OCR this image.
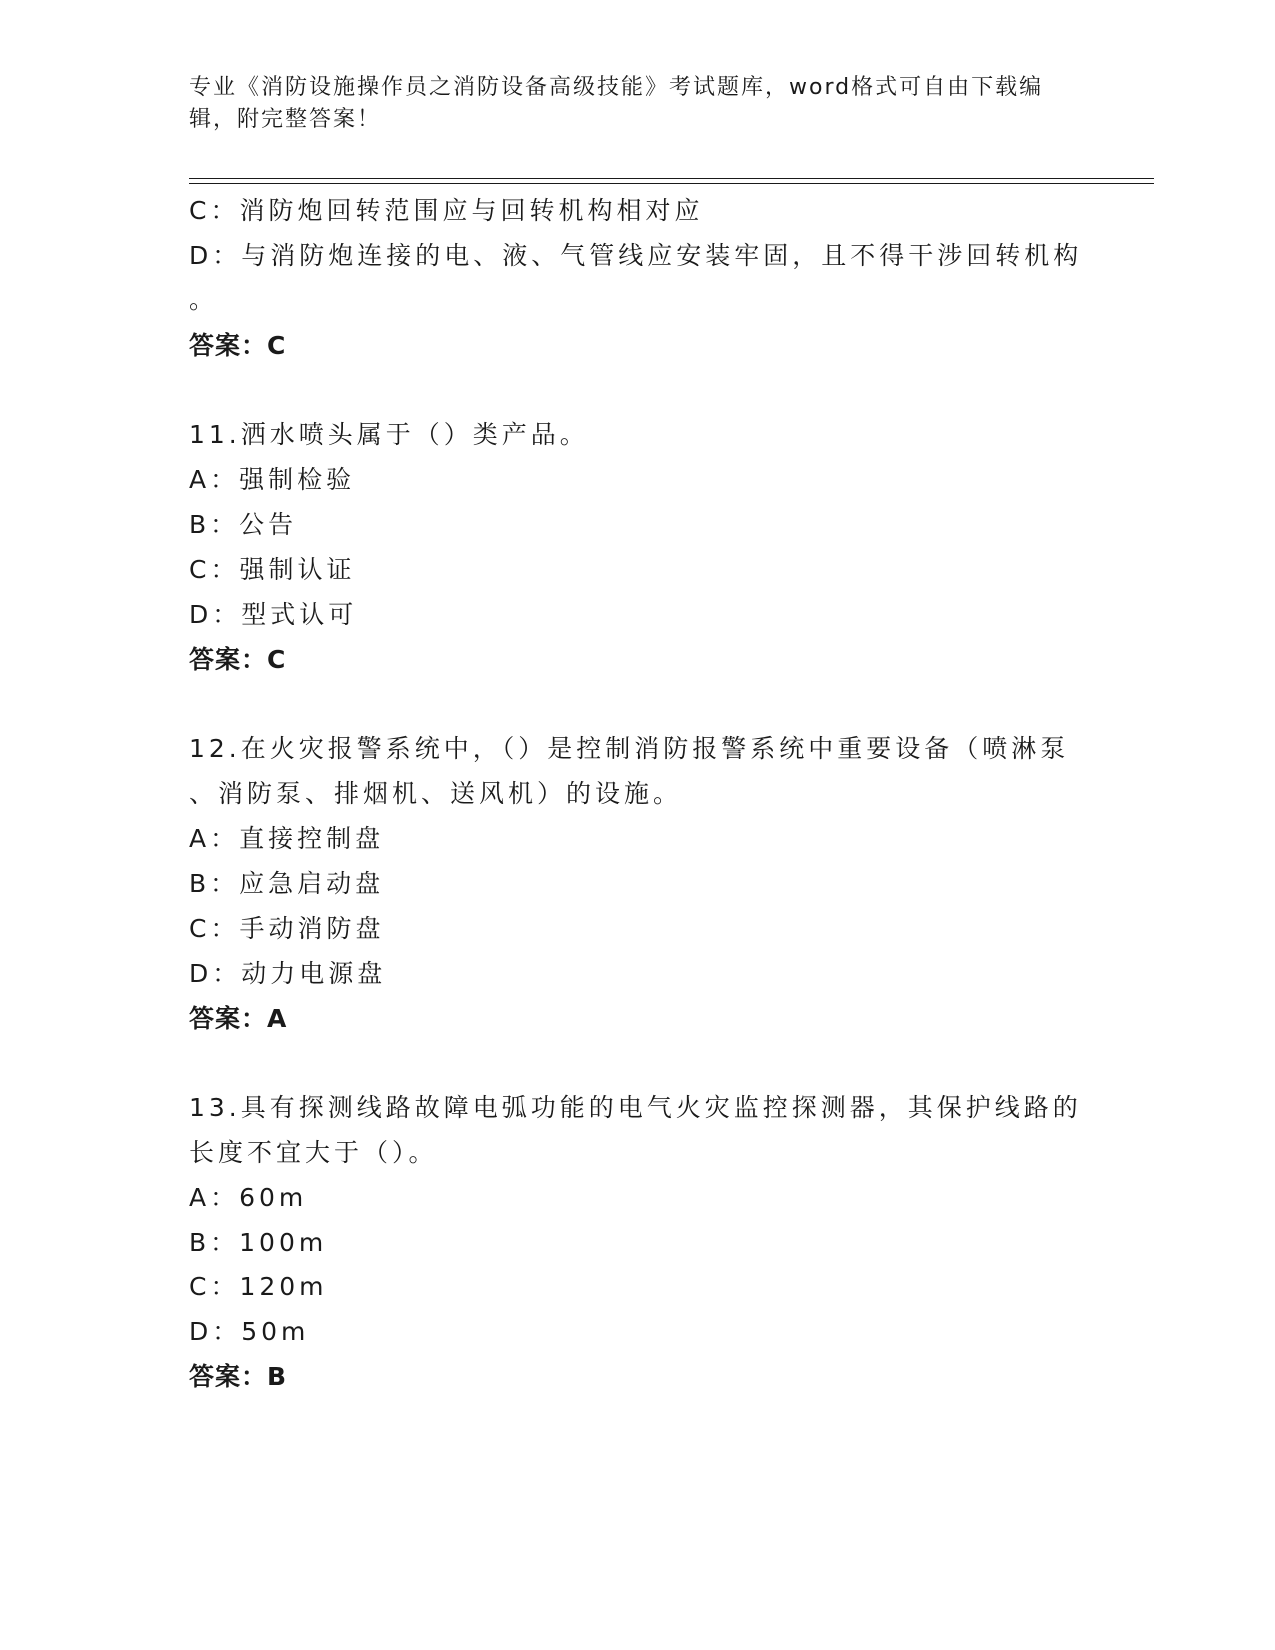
专业《消防设施操作员之消防设备高级技能》考试题库，word格式可自由下载编
辑，附完整答案！
C：消防炮回转范围应与回转机构相对应
D：与消防炮连接的电、液、气管线应安装牢固，且不得干涉回转机构
。
答案：C
11.洒水喷头属于（）类产品。
A：强制检验
B：公告
C：强制认证
D：型式认可
答案：C
12.在火灾报警系统中，（）是控制消防报警系统中重要设备（喷淋泵
、消防泵、排烟机、送风机）的设施。
A：直接控制盘
B：应急启动盘
C：手动消防盘
D：动力电源盘
答案：A
13.具有探测线路故障电弧功能的电气火灾监控探测器，其保护线路的
长度不宜大于（）。
A：60m
B：100m
C：120m
D：50m
答案：B
